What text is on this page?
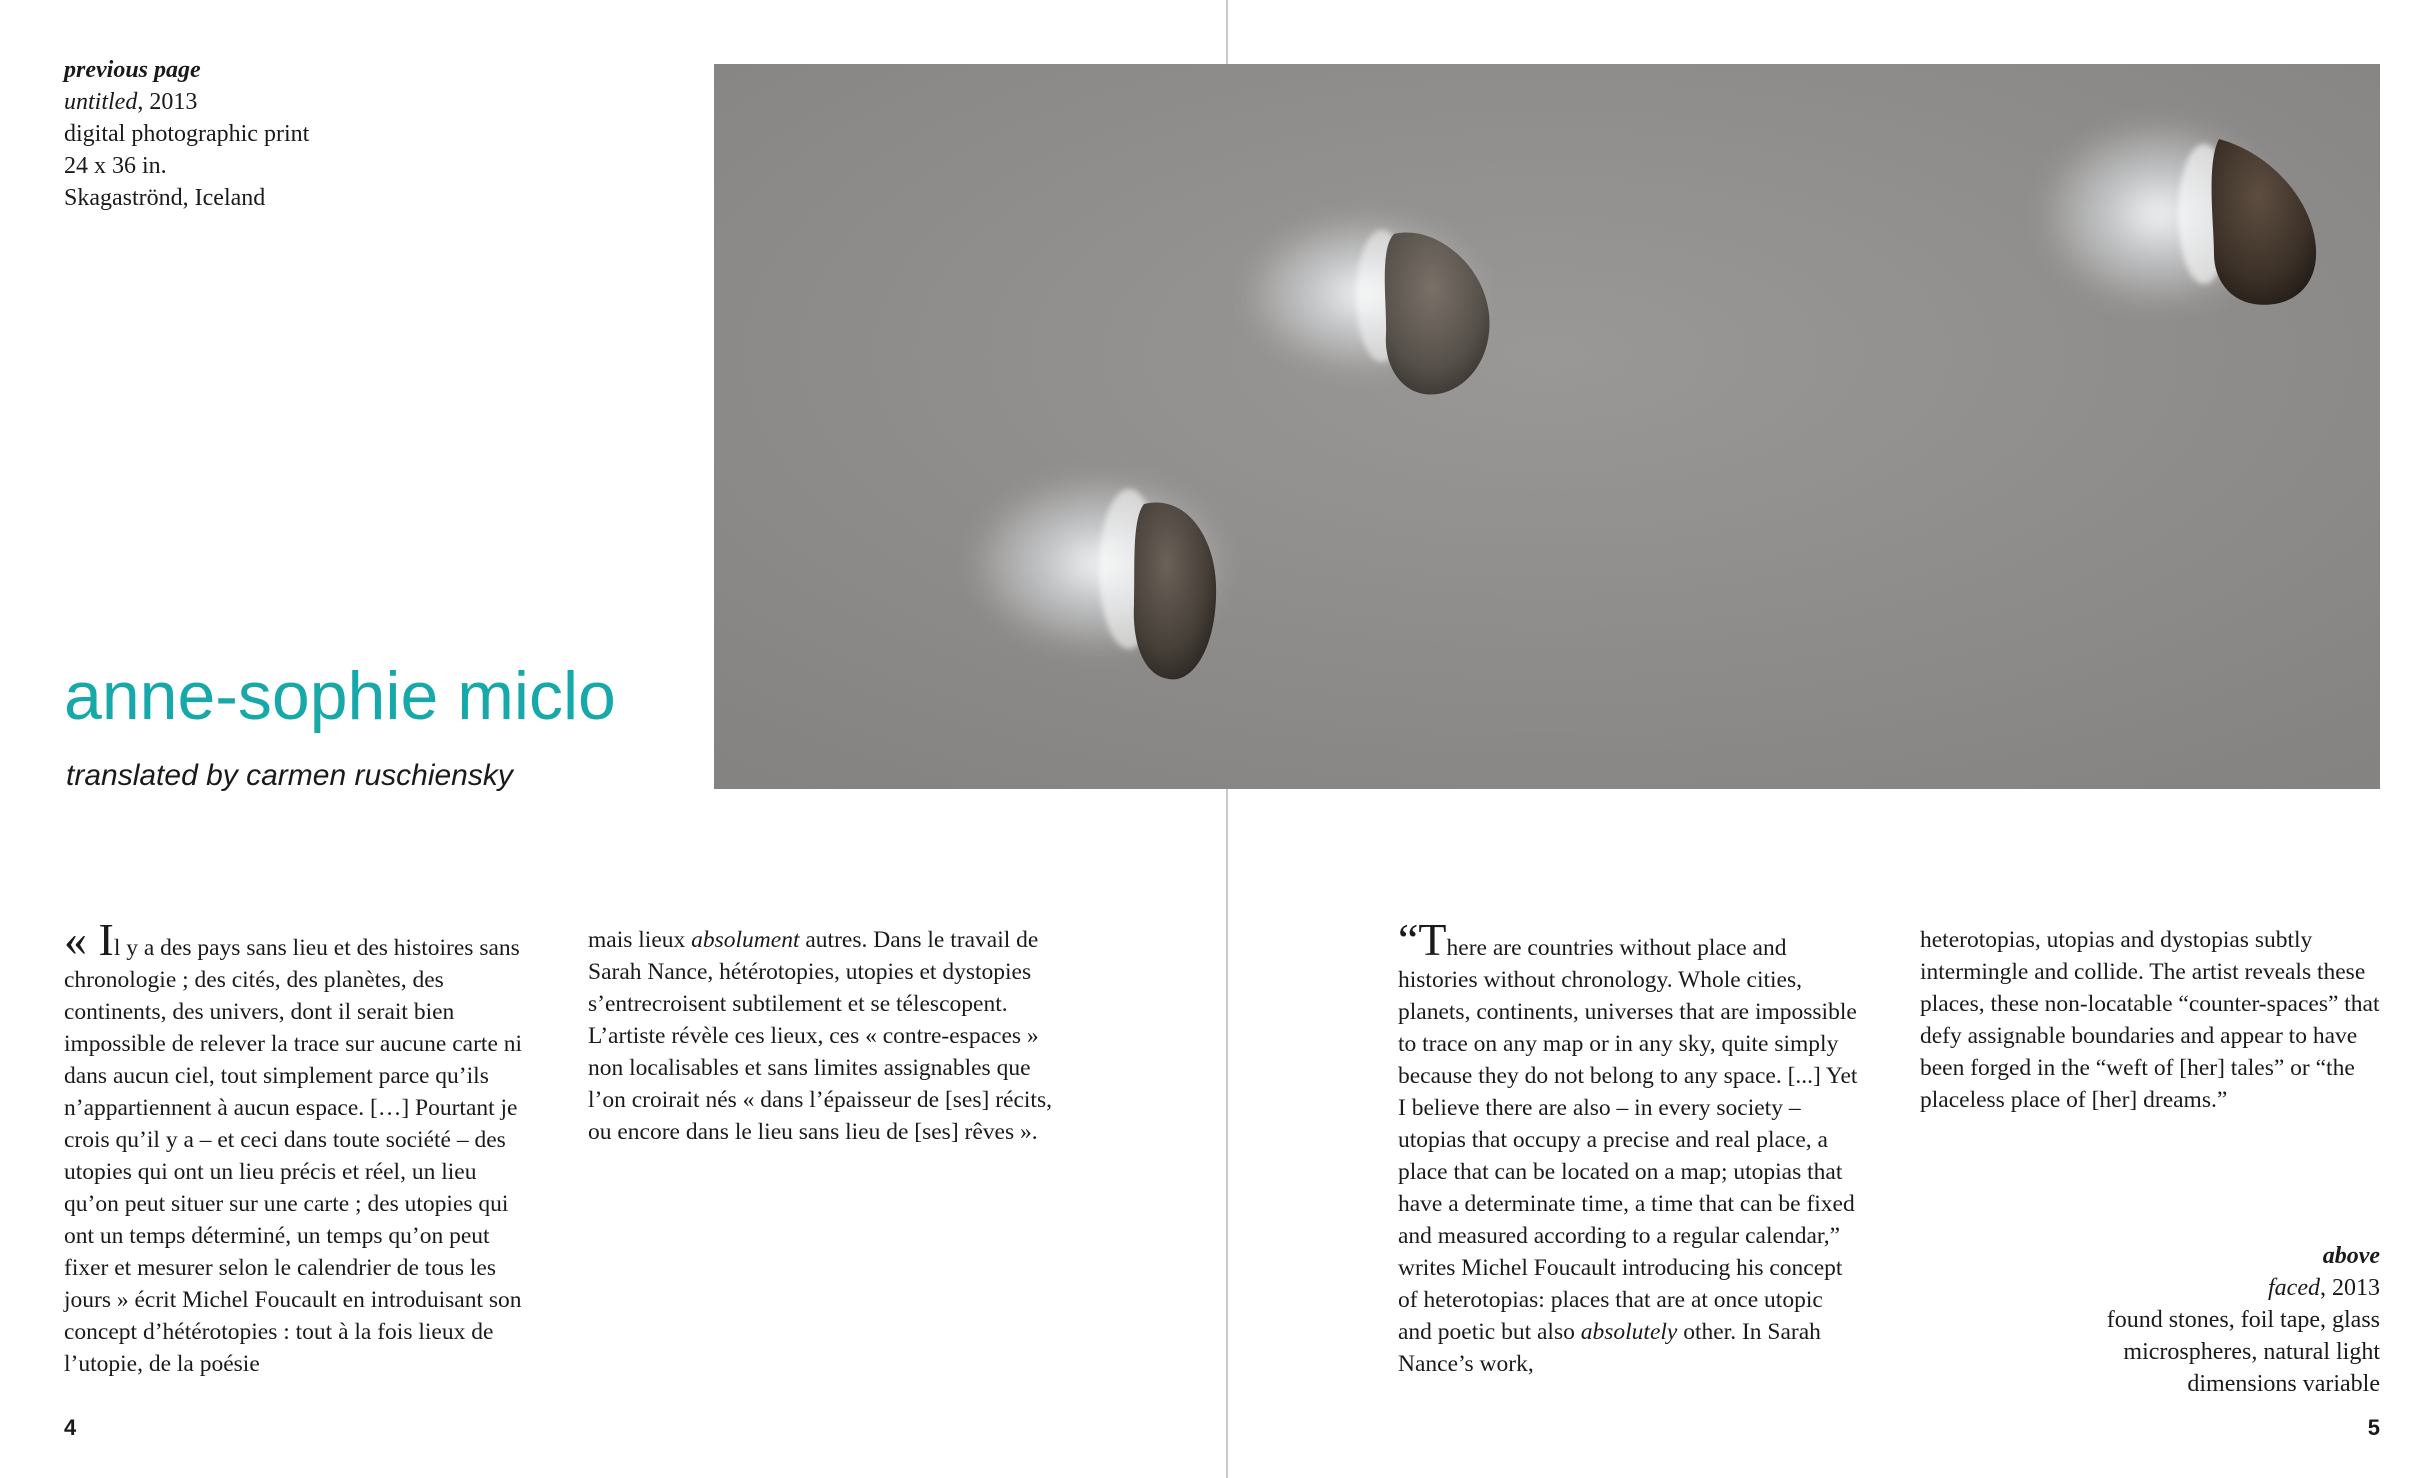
previous page
untitled, 2013
digital photographic print
24 x 36 in.
Skagaströnd, Iceland
anne-sophie miclo
translated by carmen ruschiensky

« Il y a des pays sans lieu et des histoires sans chronologie ; des cités, des planètes, des continents, des univers, dont il serait bien impossible de relever la trace sur aucune carte ni dans aucun ciel, tout simplement parce qu’ils n’appartiennent à aucun espace. […] Pourtant je crois qu’il y a – et ceci dans toute société – des utopies qui ont un lieu précis et réel, un lieu qu’on peut situer sur une carte ; des utopies qui ont un temps déterminé, un temps qu’on peut fixer et mesurer selon le calendrier de tous les jours » écrit Michel Foucault en introduisant son concept d’hétérotopies : tout à la fois lieux de l’utopie, de la poésie

mais lieux absolument autres. Dans le travail de Sarah Nance, hétérotopies, utopies et dystopies s’entrecroisent subtilement et se télescopent. L’artiste révèle ces lieux, ces « contre-espaces » non localisables et sans limites assignables que l’on croirait nés « dans l’épaisseur de [ses] récits, ou encore dans le lieu sans lieu de [ses] rêves ».

“There are countries without place and histories without chronology. Whole cities, planets, continents, universes that are impossible to trace on any map or in any sky, quite simply because they do not belong to any space. [...] Yet I believe there are also – in every society – utopias that occupy a precise and real place, a place that can be located on a map; utopias that have a determinate time, a time that can be fixed and measured according to a regular calendar,” writes Michel Foucault introducing his concept of heterotopias: places that are at once utopic and poetic but also absolutely other. In Sarah Nance’s work,

heterotopias, utopias and dystopias subtly intermingle and collide. The artist reveals these places, these non-locatable “counter-spaces” that defy assignable boundaries and appear to have been forged in the “weft of [her] tales” or “the placeless place of [her] dreams.”

above
faced, 2013
found stones, foil tape, glass
microspheres, natural light
dimensions variable
4	5
